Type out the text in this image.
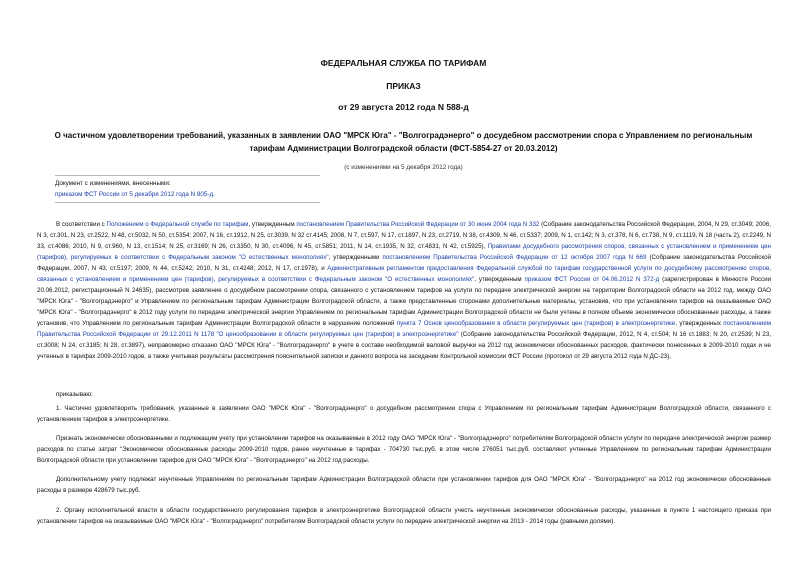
ФЕДЕРАЛЬНАЯ СЛУЖБА ПО ТАРИФАМ
ПРИКАЗ
от 29 августа 2012 года N 588-д
О частичном удовлетворении требований, указанных в заявлении ОАО "МРСК Юга" - "Волгоградэнерго" о досудебном рассмотрении спора с Управлением по региональным тарифам Администрации Волгоградской области (ФСТ-5854-27 от 20.03.2012)
(с изменениями на 5 декабря 2012 года)
Документ с изменениями, внесенными:
приказом ФСТ России от 5 декабря 2012 года N 805-д.
В соответствии с Положением о Федеральной службе по тарифам, утвержденным постановлением Правительства Российской Федерации от 30 июня 2004 года N 332 (Собрание законодательства Российской Федерации, 2004, N 29, ст.3049; 2006, N 3, ст.301, N 23, ст.2522, N 48, ст.5032, N 50, ст.5354; 2007, N 16, ст.1912, N 25, ст.3039, N 32 ст.4145; 2008, N 7, ст.597, N 17, ст.1897, N 23, ст.2719, N 38, ст.4309, N 46, ст.5337; 2009, N 1, ст.142; N 3, ст.378, N 6, ст.738, N 9, ст.1119, N 18 (часть 2), ст.2249, N 33, ст.4086; 2010, N 9, ст.960, N 13, ст.1514; N 25, ст.3169; N 26, ст.3350, N 30, ст.4096, N 45, ст.5851; 2011, N 14, ст.1935, N 32, ст.4831, N 42, ст.5925), Правилами досудебного рассмотрения споров, связанных с установлением и применением цен (тарифов), регулируемых в соответствии с Федеральным законом "О естественных монополиях", утвержденными постановлением Правительства Российской Федерации от 12 октября 2007 года N 669 (Собрание законодательства Российской Федерации, 2007, N 43, ст.5197; 2009, N 44, ст.5242; 2010, N 31, ст.4248; 2012, N 17, ст.1978), и Административным регламентом предоставления Федеральной службой по тарифам государственной услуги по досудебному рассмотрению споров, связанных с установлением и применением цен (тарифов), регулируемых в соответствии с Федеральным законом "О естественных монополиях", утвержденным приказом ФСТ России от 04.06.2012 N 372-д (зарегистрирован в Минюсте России 20.06.2012, регистрационный N 24635), рассмотрев заявление о досудебном рассмотрении спора, связанного с установлением тарифов на услуги по передаче электрической энергии на территории Волгоградской области на 2012 год, между ОАО "МРСК Юга" - "Волгоградэнерго" и Управлением по региональным тарифам Администрации Волгоградской области, а также представленные сторонами дополнительные материалы, установив, что при установлении тарифов на оказываемые ОАО "МРСК Юга" - "Волгоградэнерго" в 2012 году услуги по передаче электрической энергии Управлением по региональным тарифам Администрации Волгоградской области не были учтены в полном объеме экономически обоснованные расходы, а также установив, что Управлением по региональным тарифам Администрации Волгоградской области в нарушение положений пункта 7 Основ ценообразования в области регулируемых цен (тарифов) в электроэнергетике, утвержденных постановлением Правительства Российской Федерации от 29.12.2011 N 1178 "О ценообразовании в области регулируемых цен (тарифов) в электроэнергетике" (Собрание законодательства Российской Федерации, 2012, N 4, ст.504; N 16 ст.1883; N 20, ст.2539; N 23, ст.3008; N 24, ст.3185; N 28, ст.3897), неправомерно отказано ОАО "МРСК Юга" - "Волгоградэнерго" в учете в составе необходимой валовой выручки на 2012 год экономически обоснованных расходов, фактически понесенных в 2009-2010 годах и не учтенных в тарифах 2009-2010 годов, а также учитывая результаты рассмотрения пояснительной записки и данного вопроса на заседании Контрольной комиссии ФСТ России (протокол от 29 августа 2012 года N ДС-23),
приказываю:
1. Частично удовлетворить требования, указанные в заявлении ОАО "МРСК Юга" - "Волгоградэнерго" о досудебном рассмотрении спора с Управлением по региональным тарифам Администрации Волгоградской области, связанного с установлением тарифов в электроэнергетике.
Признать экономически обоснованными и подлежащим учету при установлении тарифов на оказываемые в 2012 году ОАО "МРСК Юга" - "Волгоградэнерго" потребителям Волгоградской области услуги по передаче электрической энергии размер расходов по статье затрат "Экономически обоснованные расходы 2009-2010 годов, ранее неучтенные в тарифах - 704730 тыс.руб. в этом числе 276051 тыс.руб. составляют учтенные Управлением по региональным тарифам Администрации Волгоградской области при установлении тарифов для ОАО "МРСК Юга" - "Волгоградэнерго" на 2012 год расходы.
Дополнительному учету подлежат неучтенные Управлением по региональным тарифам Администрации Волгоградской области при установлении тарифов для ОАО "МРСК Юга" - "Волгоградэнерго" на 2012 год экономически обоснованные расходы в размере 428679 тыс.руб.
2. Органу исполнительной власти в области государственного регулирования тарифов в электроэнергетике Волгоградской области учесть неучтенные экономически обоснованные расходы, указанные в пункте 1 настоящего приказа при установлении тарифов на оказываемые ОАО "МРСК Юга" - "Волгоградэнерго" потребителям Волгоградской области услуги по передаче электрической энергии на 2013 - 2014 годы (равными долями).
